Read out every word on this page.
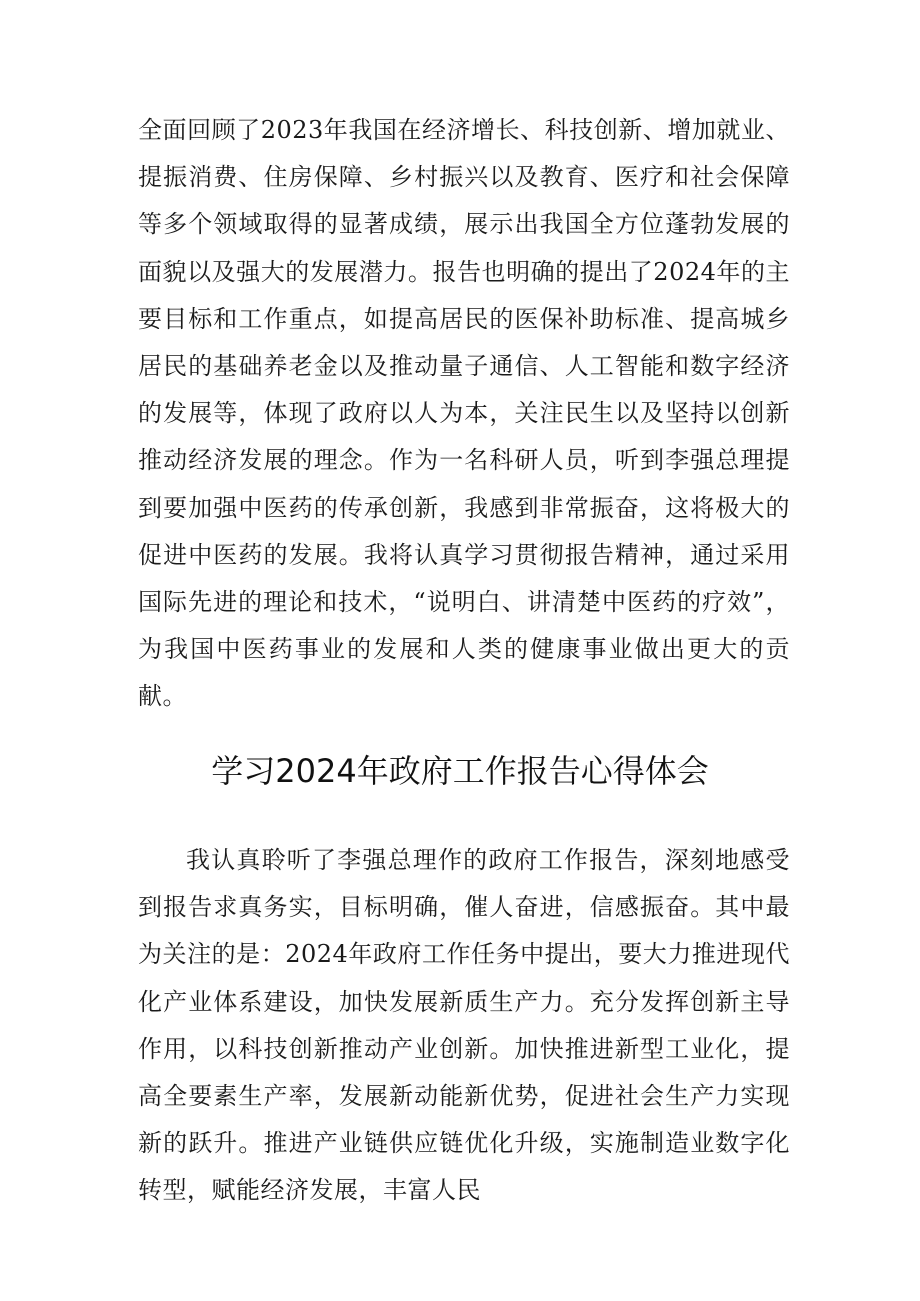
全面回顾了2023年我国在经济增长、科技创新、增加就业、提振消费、住房保障、乡村振兴以及教育、医疗和社会保障等多个领域取得的显著成绩，展示出我国全方位蓬勃发展的面貌以及强大的发展潜力。报告也明确的提出了2024年的主要目标和工作重点，如提高居民的医保补助标准、提高城乡居民的基础养老金以及推动量子通信、人工智能和数字经济的发展等，体现了政府以人为本，关注民生以及坚持以创新推动经济发展的理念。作为一名科研人员，听到李强总理提到要加强中医药的传承创新，我感到非常振奋，这将极大的促进中医药的发展。我将认真学习贯彻报告精神，通过采用国际先进的理论和技术，“说明白、讲清楚中医药的疗效”，为我国中医药事业的发展和人类的健康事业做出更大的贡献。

学习2024年政府工作报告心得体会

我认真聆听了李强总理作的政府工作报告，深刻地感受到报告求真务实，目标明确，催人奋进，信感振奋。其中最为关注的是：2024年政府工作任务中提出，要大力推进现代化产业体系建设，加快发展新质生产力。充分发挥创新主导作用，以科技创新推动产业创新。加快推进新型工业化，提高全要素生产率，发展新动能新优势，促进社会生产力实现新的跃升。推进产业链供应链优化升级，实施制造业数字化转型，赋能经济发展，丰富人民
